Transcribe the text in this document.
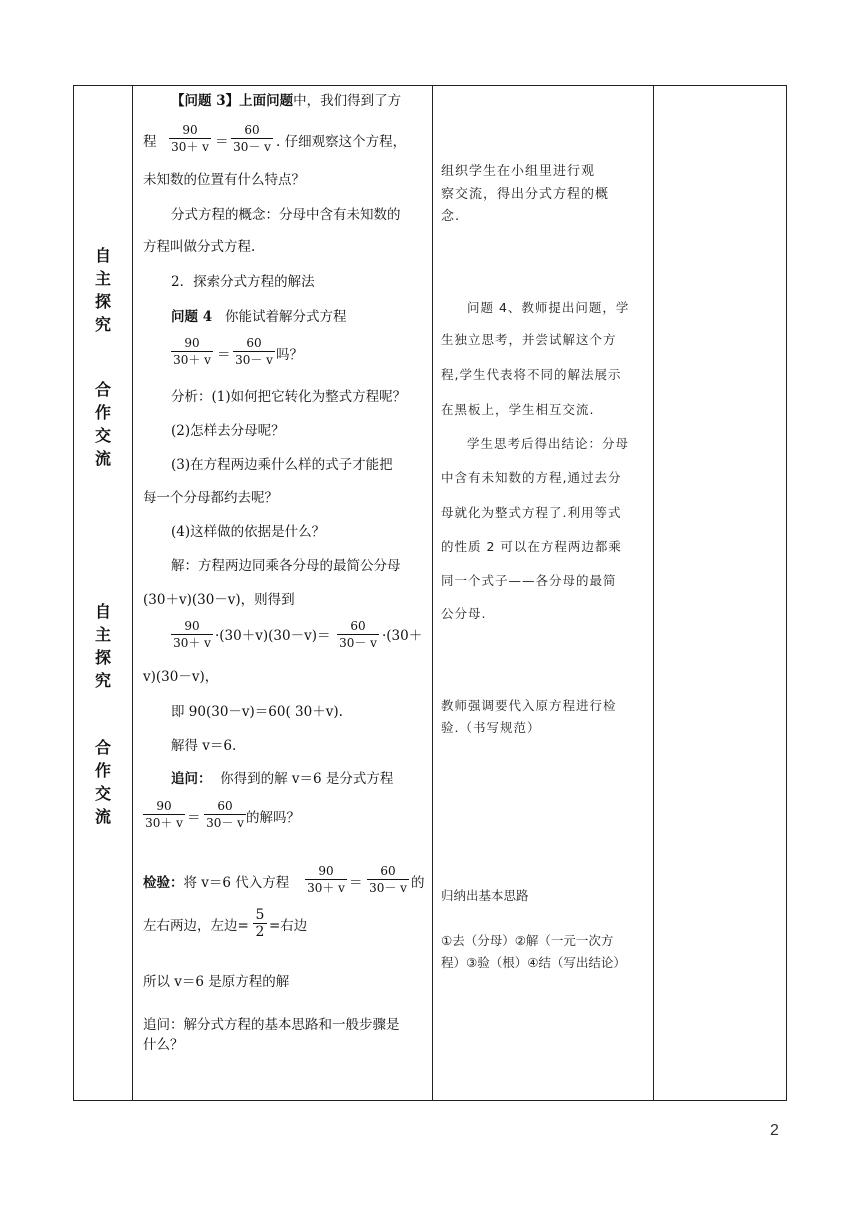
自
主
探
究
合
作
交
流
自
主
探
究
合
作
交
流

【问题 3】上面问题中，我们得到了方
程
90
30＋ v ＝
60
30－ v . 仔细观察这个方程，
未知数的位置有什么特点？
分式方程的概念：分母中含有未知数的
方程叫做分式方程.
2．探索分式方程的解法
问题 4 你能试着解分式方程
90
30＋ v ＝
60
30－ v 吗？
分析：(1)如何把它转化为整式方程呢？
(2)怎样去分母呢？
(3)在方程两边乘什么样的式子才能把
每一个分母都约去呢？
(4)这样做的依据是什么？
解：方程两边同乘各分母的最简公分母
(30＋v)(30－v)，则得到
90
30＋ v ·(30＋v)(30－v)＝
60
30－ v ·(30＋
v)(30－v)，
即 90(30－v)＝60( 30＋v).
解得 v＝6.
追问： 你得到的解 v＝6 是分式方程
90
30＋ v ＝
60
30－ v 的解吗？
检验：将 v＝6 代入方程
90
30＋ v ＝
60
30－ v 的
左右两边，左边=
5
2 =右边
所以 v＝6 是原方程的解
追问：解分式方程的基本思路和一般步骤是
什么？

组织学生在小组里进行观
察交流，得出分式方程的概
念.
问题 4、教师提出问题，学
生独立思考，并尝试解这个方
程,学生代表将不同的解法展示
在黑板上，学生相互交流.
学生思考后得出结论：分母
中含有未知数的方程,通过去分
母就化为整式方程了.利用等式
的性质 2 可以在方程两边都乘
同一个式子——各分母的最简
公分母.
教师强调要代入原方程进行检
验.（书写规范）
归纳出基本思路
①去（分母）②解（一元一次方
程）③验（根）④结（写出结论）

2
